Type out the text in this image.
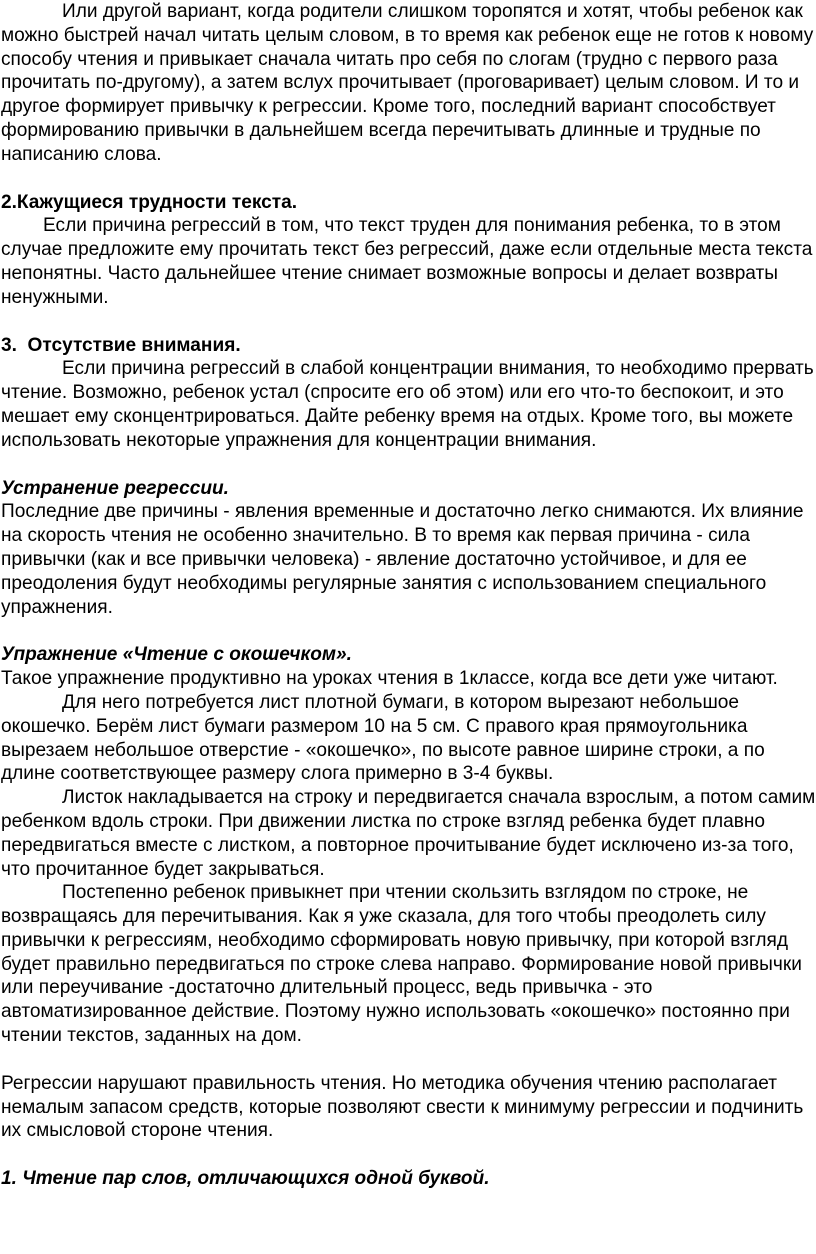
Или другой вариант, когда родители слишком торопятся и хотят, чтобы ребенок как можно быстрей начал читать целым словом, в то время как ребенок еще не готов к новому способу чтения и привыкает сначала читать про себя по слогам (трудно с первого раза прочитать по-другому), а затем вслух прочитывает (проговаривает) целым словом. И то и другое формирует привычку к регрессии. Кроме того, последний вариант способствует формированию привычки в дальнейшем всегда перечитывать длинные и трудные по написанию слова.

2.Кажущиеся трудности текста.

Если причина регрессий в том, что текст труден для понимания ребенка, то в этом случае предложите ему прочитать текст без регрессий, даже если отдельные места текста непонятны. Часто дальнейшее чтение снимает возможные вопросы и делает возвраты ненужными.

3.  Отсутствие внимания.

Если причина регрессий в слабой концентрации внимания, то необходимо прервать чтение. Возможно, ребенок устал (спросите его об этом) или его что-то беспокоит, и это мешает ему сконцентрироваться. Дайте ребенку время на отдых. Кроме того, вы можете использовать некоторые упражнения для концентрации внимания.

Устранение регрессии.

Последние две причины - явления временные и достаточно легко снимаются. Их влияние на скорость чтения не особенно значительно. В то время как первая причина - сила привычки (как и все привычки человека) - явление достаточно устойчивое, и для ее преодоления будут необходимы регулярные занятия с использованием специального упражнения.

Упражнение «Чтение с окошечком».

Такое упражнение продуктивно на уроках чтения в 1классе, когда все дети уже читают.

Для него потребуется лист плотной бумаги, в котором вырезают небольшое окошечко. Берём лист бумаги размером 10 на 5 см. С правого края прямоугольника вырезаем небольшое отверстие - «окошечко», по высоте равное ширине строки, а по длине соответствующее размеру слога примерно в 3-4 буквы.

Листок накладывается на строку и передвигается сначала взрослым, а потом самим ребенком вдоль строки. При движении листка по строке взгляд ребенка будет плавно передвигаться вместе с листком, а повторное прочитывание будет исключено из-за того, что прочитанное будет закрываться.

Постепенно ребенок привыкнет при чтении скользить взглядом по строке, не возвращаясь для перечитывания. Как я уже сказала, для того чтобы преодолеть силу привычки к регрессиям, необходимо сформировать новую привычку, при которой взгляд будет правильно передвигаться по строке слева направо. Формирование новой привычки или переучивание -достаточно длительный процесс, ведь привычка - это автоматизированное действие. Поэтому нужно использовать «окошечко» постоянно при чтении текстов, заданных на дом.

Регрессии нарушают правильность чтения. Но методика обучения чтению располагает немалым запасом средств, которые позволяют свести к минимуму регрессии и подчинить их смысловой стороне чтения.

1. Чтение пар слов, отличающихся одной буквой.
